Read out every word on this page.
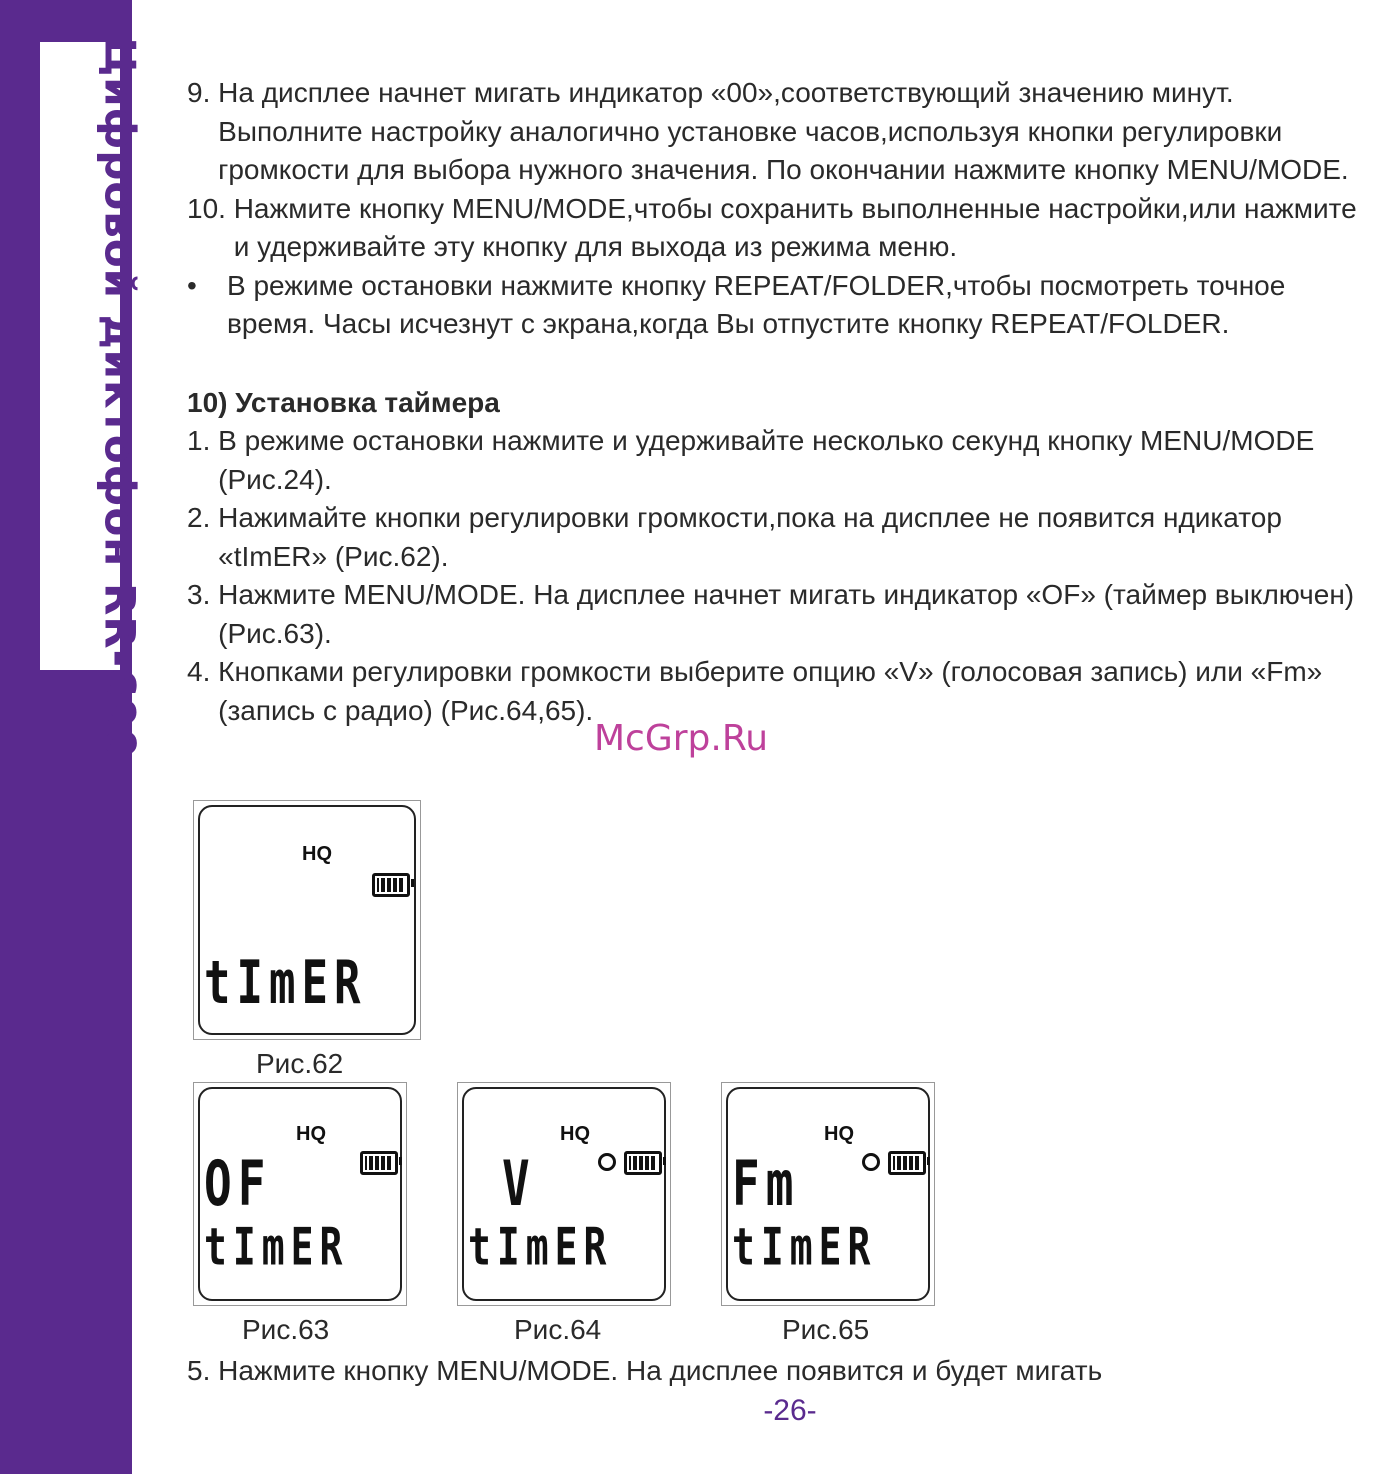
Цифровой диктофон RR-690 9. На дисплее начнет мигать индикатор «00»,соответствующий значению минут. Выполните настройку аналогично установке часов,используя кнопки регулировки громкости для выбора нужного значения. По окончании нажмите кнопку MENU/MODE.
10. Нажмите кнопку MENU/MODE,чтобы сохранить выполненные настройки,или нажмите и удерживайте эту кнопку для выхода из режима меню.
•	В режиме остановки нажмите кнопку REPEAT/FOLDER,чтобы посмотреть точное время. Часы исчезнут с экрана,когда Вы отпустите кнопку REPEAT/FOLDER.
10) Установка таймера
1. В режиме остановки нажмите и удерживайте несколько секунд кнопку MENU/MODE (Рис.24).
2. Нажимайте кнопки регулировки громкости,пока на дисплее не появится ндикатор «tImER» (Рис.62).
3. Нажмите MENU/MODE. На дисплее начнет мигать индикатор «OF» (таймер выключен) (Рис.63).
4. Кнопками регулировки громкости выберите опцию «V» (голосовая запись) или «Fm» (запись с радио) (Рис.64,65).
McGrp.Ru
HQ
tImER
Рис.62
HQ
OF
tImER
Рис.63
HQ
V
tImER
Рис.64
HQ
Fm
tImER
Рис.65
5. Нажмите кнопку MENU/MODE. На дисплее появится и будет мигать
-26-
